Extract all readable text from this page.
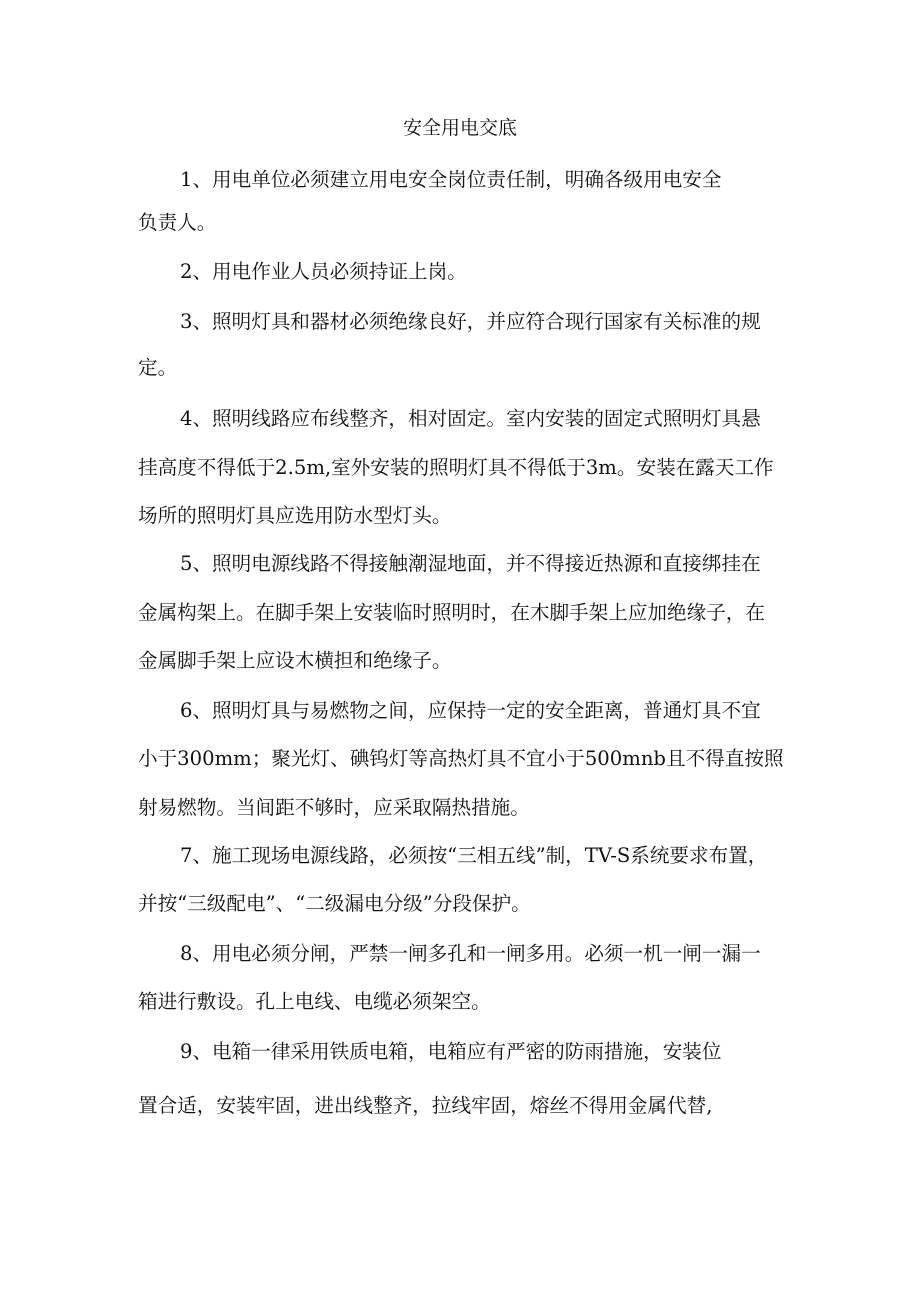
安全用电交底
1、用电单位必须建立用电安全岗位责任制，明确各级用电安全
负责人。
2、用电作业人员必须持证上岗。
3、照明灯具和器材必须绝缘良好，并应符合现行国家有关标准的规
定。
4、照明线路应布线整齐，相对固定。室内安装的固定式照明灯具悬
挂高度不得低于2.5m,室外安装的照明灯具不得低于3m。安装在露天工作
场所的照明灯具应选用防水型灯头。
5、照明电源线路不得接触潮湿地面，并不得接近热源和直接绑挂在
金属构架上。在脚手架上安装临时照明时，在木脚手架上应加绝缘子，在
金属脚手架上应设木横担和绝缘子。
6、照明灯具与易燃物之间，应保持一定的安全距离，普通灯具不宜
小于300mm；聚光灯、碘钨灯等高热灯具不宜小于500mnb且不得直按照
射易燃物。当间距不够时，应采取隔热措施。
7、施工现场电源线路，必须按“三相五线”制，TV-S系统要求布置，
并按“三级配电”、“二级漏电分级”分段保护。
8、用电必须分闸，严禁一闸多孔和一闸多用。必须一机一闸一漏一
箱进行敷设。孔上电线、电缆必须架空。
9、电箱一律采用铁质电箱，电箱应有严密的防雨措施，安装位
置合适，安装牢固，进出线整齐，拉线牢固，熔丝不得用金属代替,
